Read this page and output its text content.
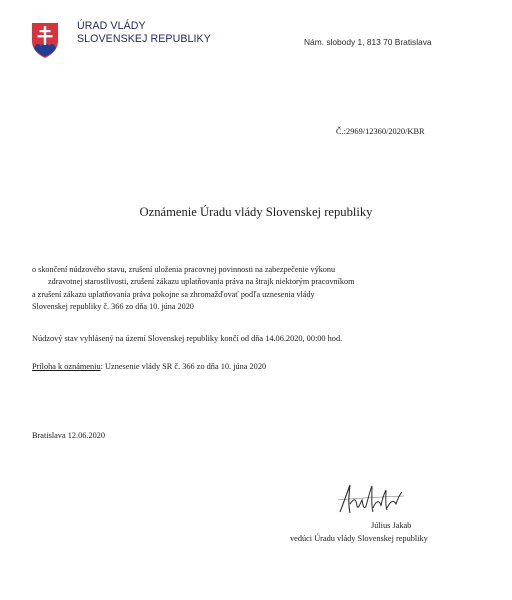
ÚRAD VLÁDY
SLOVENSKEJ REPUBLIKY	Nám. slobody 1, 813 70 Bratislava
Č.:2969/12360/2020/KBR
Oznámenie Úradu vlády Slovenskej republiky
o skončení núdzového stavu, zrušení uloženia pracovnej povinnosti na zabezpečenie výkonu
zdravotnej starostlivosti, zrušení zákazu uplatňovania práva na štrajk niektorým pracovníkom
a zrušení zákazu uplatňovania práva pokojne sa zhromažďovať podľa uznesenia vlády
Slovenskej republiky č. 366 zo dňa 10. júna 2020
Núdzový stav vyhlásený na území Slovenskej republiky končí od dňa 14.06.2020, 00:00 hod.
Príloha k oznámeniu: Uznesenie vlády SR č. 366 zo dňa 10. júna 2020
Bratislava 12.06.2020
Július Jakab
vedúci Úradu vlády Slovenskej republiky
